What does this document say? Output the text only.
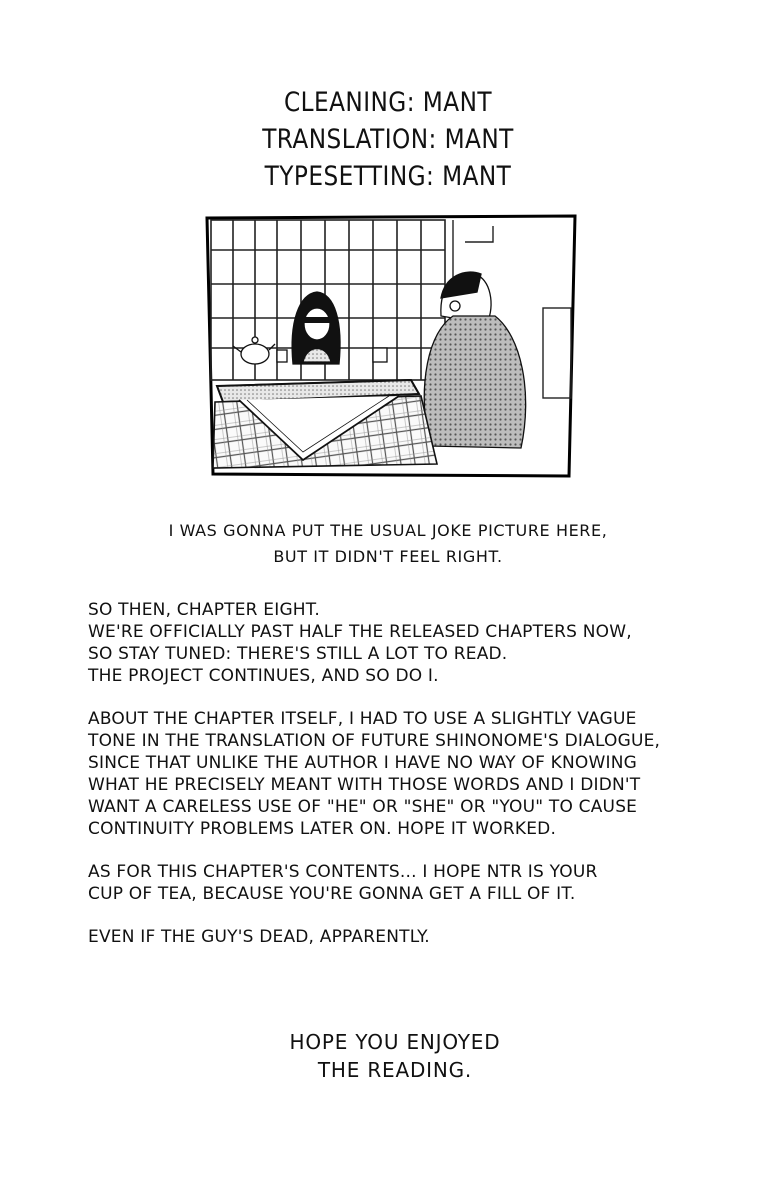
CLEANING: MANT
TRANSLATION: MANT
TYPESETTING: MANT
I WAS GONNA PUT THE USUAL JOKE PICTURE HERE,
BUT IT DIDN'T FEEL RIGHT.

SO THEN, CHAPTER EIGHT.
WE'RE OFFICIALLY PAST HALF THE RELEASED CHAPTERS NOW,
SO STAY TUNED: THERE'S STILL A LOT TO READ.
THE PROJECT CONTINUES, AND SO DO I.

ABOUT THE CHAPTER ITSELF, I HAD TO USE A SLIGHTLY VAGUE
TONE IN THE TRANSLATION OF FUTURE SHINONOME'S DIALOGUE,
SINCE THAT UNLIKE THE AUTHOR I HAVE NO WAY OF KNOWING
WHAT HE PRECISELY MEANT WITH THOSE WORDS AND I DIDN'T
WANT A CARELESS USE OF "HE" OR "SHE" OR "YOU" TO CAUSE
CONTINUITY PROBLEMS LATER ON. HOPE IT WORKED.

AS FOR THIS CHAPTER'S CONTENTS... I HOPE NTR IS YOUR
CUP OF TEA, BECAUSE YOU'RE GONNA GET A FILL OF IT.

EVEN IF THE GUY'S DEAD, APPARENTLY.

HOPE YOU ENJOYED
THE READING.
